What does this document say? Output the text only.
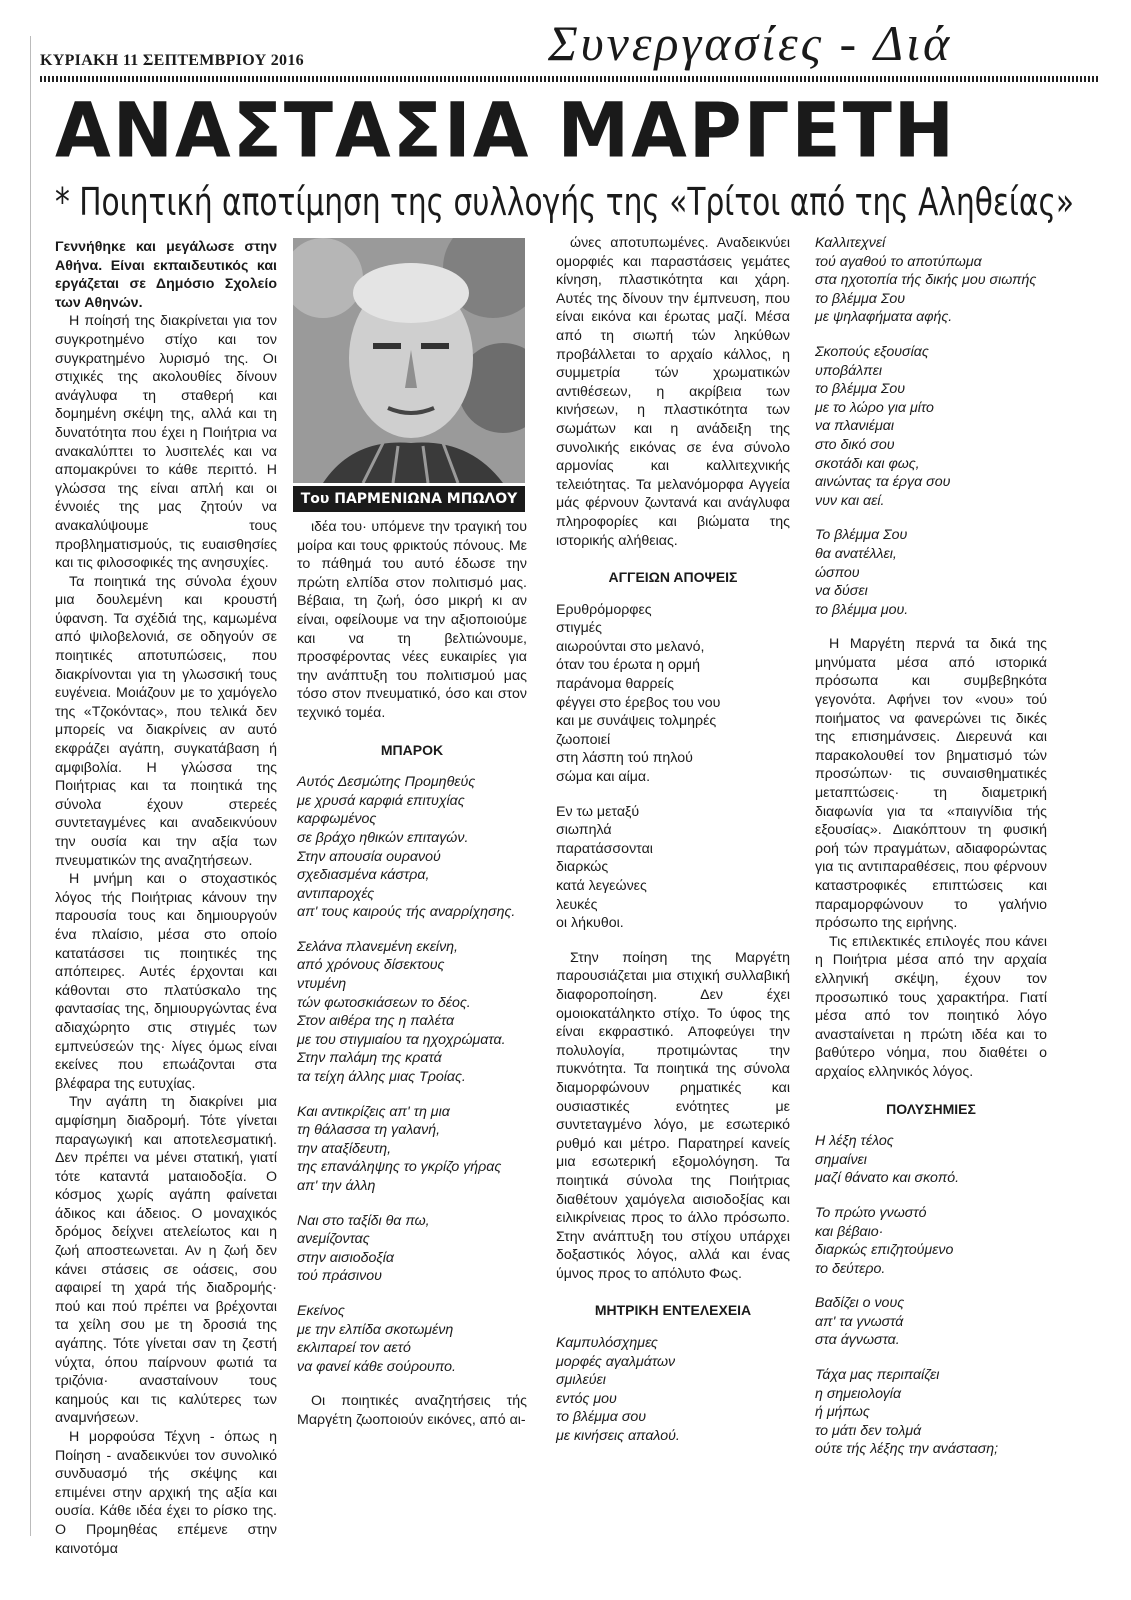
ΚΥΡΙΑΚΗ 11 ΣΕΠΤΕΜΒΡΙΟΥ 2016	Συνεργασίες - Διά
ΑΝΑΣΤΑΣΙΑ ΜΑΡΓΕΤΗ
* Ποιητική αποτίμηση της συλλογής της «Τρίτοι από της Αληθείας»

Γεννήθηκε και μεγάλωσε στην Αθήνα. Είναι εκπαιδευτικός και εργάζεται σε Δημόσιο Σχολείο των Αθηνών.

Η ποίησή της διακρίνεται για τον συγκροτημένο στίχο και τον συγκρατημένο λυρισμό της. Οι στιχικές της ακολουθίες δίνουν ανάγλυφα τη σταθερή και δομημένη σκέψη της, αλλά και τη δυνατότητα που έχει η Ποιήτρια να ανακαλύπτει το λυσιτελές και να απομακρύνει το κάθε περιττό. Η γλώσσα της είναι απλή και οι έννοιές της μας ζητούν να ανακαλύψουμε τους προβληματισμούς, τις ευαισθησίες και τις φιλοσοφικές της ανησυχίες.

Τα ποιητικά της σύνολα έχουν μια δουλεμένη και κρουστή ύφανση. Τα σχέδιά της, καμωμένα από ψιλοβελονιά, σε οδηγούν σε ποιητικές αποτυπώσεις, που διακρίνονται για τη γλωσσική τους ευγένεια. Μοιάζουν με το χαμόγελο της «Τζοκόντας», που τελικά δεν μπορείς να διακρίνεις αν αυτό εκφράζει αγάπη, συγκατάβαση ή αμφιβολία. Η γλώσσα της Ποιήτριας και τα ποιητικά της σύνολα έχουν στερεές συντεταγμένες και αναδεικνύουν την ουσία και την αξία των πνευματικών της αναζητήσεων.

Η μνήμη και ο στοχαστικός λόγος τής Ποιήτριας κάνουν την παρουσία τους και δημιουργούν ένα πλαίσιο, μέσα στο οποίο κατατάσσει τις ποιητικές της απόπειρες. Αυτές έρχονται και κάθονται στο πλατύσκαλο της φαντασίας της, δημιουργώντας ένα αδιαχώρητο στις στιγμές των εμπνεύσεών της· λίγες όμως είναι εκείνες που επωάζονται στα βλέφαρα της ευτυχίας.

Την αγάπη τη διακρίνει μια αμφίσημη διαδρομή. Τότε γίνεται παραγωγική και αποτελεσματική. Δεν πρέπει να μένει στατική, γιατί τότε καταντά ματαιοδοξία. Ο κόσμος χωρίς αγάπη φαίνεται άδικος και άδειος. Ο μοναχικός δρόμος δείχνει ατελείωτος και η ζωή αποστεωνεται. Αν η ζωή δεν κάνει στάσεις σε οάσεις, σου αφαιρεί τη χαρά τής διαδρομής· πού και πού πρέπει να βρέχονται τα χείλη σου με τη δροσιά της αγάπης. Τότε γίνεται σαν τη ζεστή νύχτα, όπου παίρνουν φωτιά τα τριζόνια· ανασταίνουν τους καημούς και τις καλύτερες των αναμνήσεων.

Η μορφούσα Τέχνη - όπως η Ποίηση - αναδεικνύει τον συνολικό συνδυασμό τής σκέψης και επιμένει στην αρχική της αξία και ουσία. Κάθε ιδέα έχει το ρίσκο της. Ο Προμηθέας επέμενε στην καινοτόμα

Του ΠΑΡΜΕΝΙΩΝΑ ΜΠΩΛΟΥ

ιδέα του· υπόμενε την τραγική του μοίρα και τους φρικτούς πόνους. Με το πάθημά του αυτό έδωσε την πρώτη ελπίδα στον πολιτισμό μας. Βέβαια, τη ζωή, όσο μικρή κι αν είναι, οφείλουμε να την αξιοποιούμε και να τη βελτιώνουμε, προσφέροντας νέες ευκαιρίες για την ανάπτυξη του πολιτισμού μας τόσο στον πνευματικό, όσο και στον τεχνικό τομέα.

ΜΠΑΡΟΚ
Αυτός Δεσμώτης Προμηθεύς
με χρυσά καρφιά επιτυχίας
καρφωμένος
σε βράχο ηθικών επιταγών.
Στην απουσία ουρανού
σχεδιασμένα κάστρα,
αντιπαροχές
απ' τους καιρούς τής αναρρίχησης.
Σελάνα πλανεμένη εκείνη,
από χρόνους δίσεκτους
ντυμένη
τών φωτοσκιάσεων το δέος.
Στον αιθέρα της η παλέτα
με του στιγμιαίου τα ηχοχρώματα.
Στην παλάμη της κρατά
τα τείχη άλλης μιας Τροίας.
Και αντικρίζεις απ' τη μια
τη θάλασσα τη γαλανή,
την αταξίδευτη,
της επανάληψης το γκρίζο γήρας
απ' την άλλη
Ναι στο ταξίδι θα πω,
ανεμίζοντας
στην αισιοδοξία
τού πράσινου
Εκείνος
με την ελπίδα σκοτωμένη
εκλιπαρεί τον αετό
να φανεί κάθε σούρουπο.

Οι ποιητικές αναζητήσεις τής Μαργέτη ζωοποιούν εικόνες, από αι-

ώνες αποτυπωμένες. Αναδεικνύει ομορφιές και παραστάσεις γεμάτες κίνηση, πλαστικότητα και χάρη. Αυτές της δίνουν την έμπνευση, που είναι εικόνα και έρωτας μαζί. Μέσα από τη σιωπή τών ληκύθων προβάλλεται το αρχαίο κάλλος, η συμμετρία τών χρωματικών αντιθέσεων, η ακρίβεια των κινήσεων, η πλαστικότητα των σωμάτων και η ανάδειξη της συνολικής εικόνας σε ένα σύνολο αρμονίας και καλλιτεχνικής τελειότητας. Τα μελανόμορφα Αγγεία μάς φέρνουν ζωντανά και ανάγλυφα πληροφορίες και βιώματα της ιστορικής αλήθειας.

ΑΓΓΕΙΩΝ ΑΠΟΨΕΙΣ
Ερυθρόμορφες
στιγμές
αιωρούνται στο μελανό,
όταν του έρωτα η ορμή
παράνομα θαρρείς
φέγγει στο έρεβος του νου
και με συνάψεις τολμηρές
ζωοποιεί
στη λάσπη τού πηλού
σώμα και αίμα.
Εν τω μεταξύ
σιωπηλά
παρατάσσονται
διαρκώς
κατά λεγεώνες
λευκές
οι λήκυθοι.

Στην ποίηση της Μαργέτη παρουσιάζεται μια στιχική συλλαβική διαφοροποίηση. Δεν έχει ομοιοκατάληκτο στίχο. Το ύφος της είναι εκφραστικό. Αποφεύγει την πολυλογία, προτιμώντας την πυκνότητα. Τα ποιητικά της σύνολα διαμορφώνουν ρηματικές και ουσιαστικές ενότητες με συντεταγμένο λόγο, με εσωτερικό ρυθμό και μέτρο. Παρατηρεί κανείς μια εσωτερική εξομολόγηση. Τα ποιητικά σύνολα της Ποιήτριας διαθέτουν χαμόγελα αισιοδοξίας και ειλικρίνειας προς το άλλο πρόσωπο. Στην ανάπτυξη του στίχου υπάρχει δοξαστικός λόγος, αλλά και ένας ύμνος προς το απόλυτο Φως.

ΜΗΤΡΙΚΗ ΕΝΤΕΛΕΧΕΙΑ
Καμπυλόσχημες
μορφές αγαλμάτων
σμιλεύει
εντός μου
το βλέμμα σου
με κινήσεις απαλού.
Καλλιτεχνεί
τού αγαθού το αποτύπωμα
στα ηχοτοπία τής δικής μου σιωπής
το βλέμμα Σου
με ψηλαφήματα αφής.
Σκοπούς εξουσίας
υποβάλπει
το βλέμμα Σου
με το λώρο για μίτο
να πλανιέμαι
στο δικό σου
σκοτάδι και φως,
αινώντας τα έργα σου
νυν και αεί.
Το βλέμμα Σου
θα ανατέλλει,
ώσπου
να δύσει
το βλέμμα μου.

Η Μαργέτη περνά τα δικά της μηνύματα μέσα από ιστορικά πρόσωπα και συμβεβηκότα γεγονότα. Αφήνει τον «νου» τού ποιήματος να φανερώνει τις δικές της επισημάνσεις. Διερευνά και παρακολουθεί τον βηματισμό τών προσώπων· τις συναισθηματικές μεταπτώσεις· τη διαμετρική διαφωνία για τα «παιγνίδια τής εξουσίας». Διακόπτουν τη φυσική ροή τών πραγμάτων, αδιαφορώντας για τις αντιπαραθέσεις, που φέρνουν καταστροφικές επιπτώσεις και παραμορφώνουν το γαλήνιο πρόσωπο της ειρήνης.

Τις επιλεκτικές επιλογές που κάνει η Ποιήτρια μέσα από την αρχαία ελληνική σκέψη, έχουν τον προσωπικό τους χαρακτήρα. Γιατί μέσα από τον ποιητικό λόγο ανασταίνεται η πρώτη ιδέα και το βαθύτερο νόημα, που διαθέτει ο αρχαίος ελληνικός λόγος.

ΠΟΛΥΣΗΜΙΕΣ
Η λέξη τέλος
σημαίνει
μαζί θάνατο και σκοπό.
Το πρώτο γνωστό
και βέβαιο·
διαρκώς επιζητούμενο
το δεύτερο.
Βαδίζει ο νους
απ' τα γνωστά
στα άγνωστα.
Τάχα μας περιπαίζει
η σημειολογία
ή μήπως
το μάτι δεν τολμά
ούτε τής λέξης την ανάσταση;
